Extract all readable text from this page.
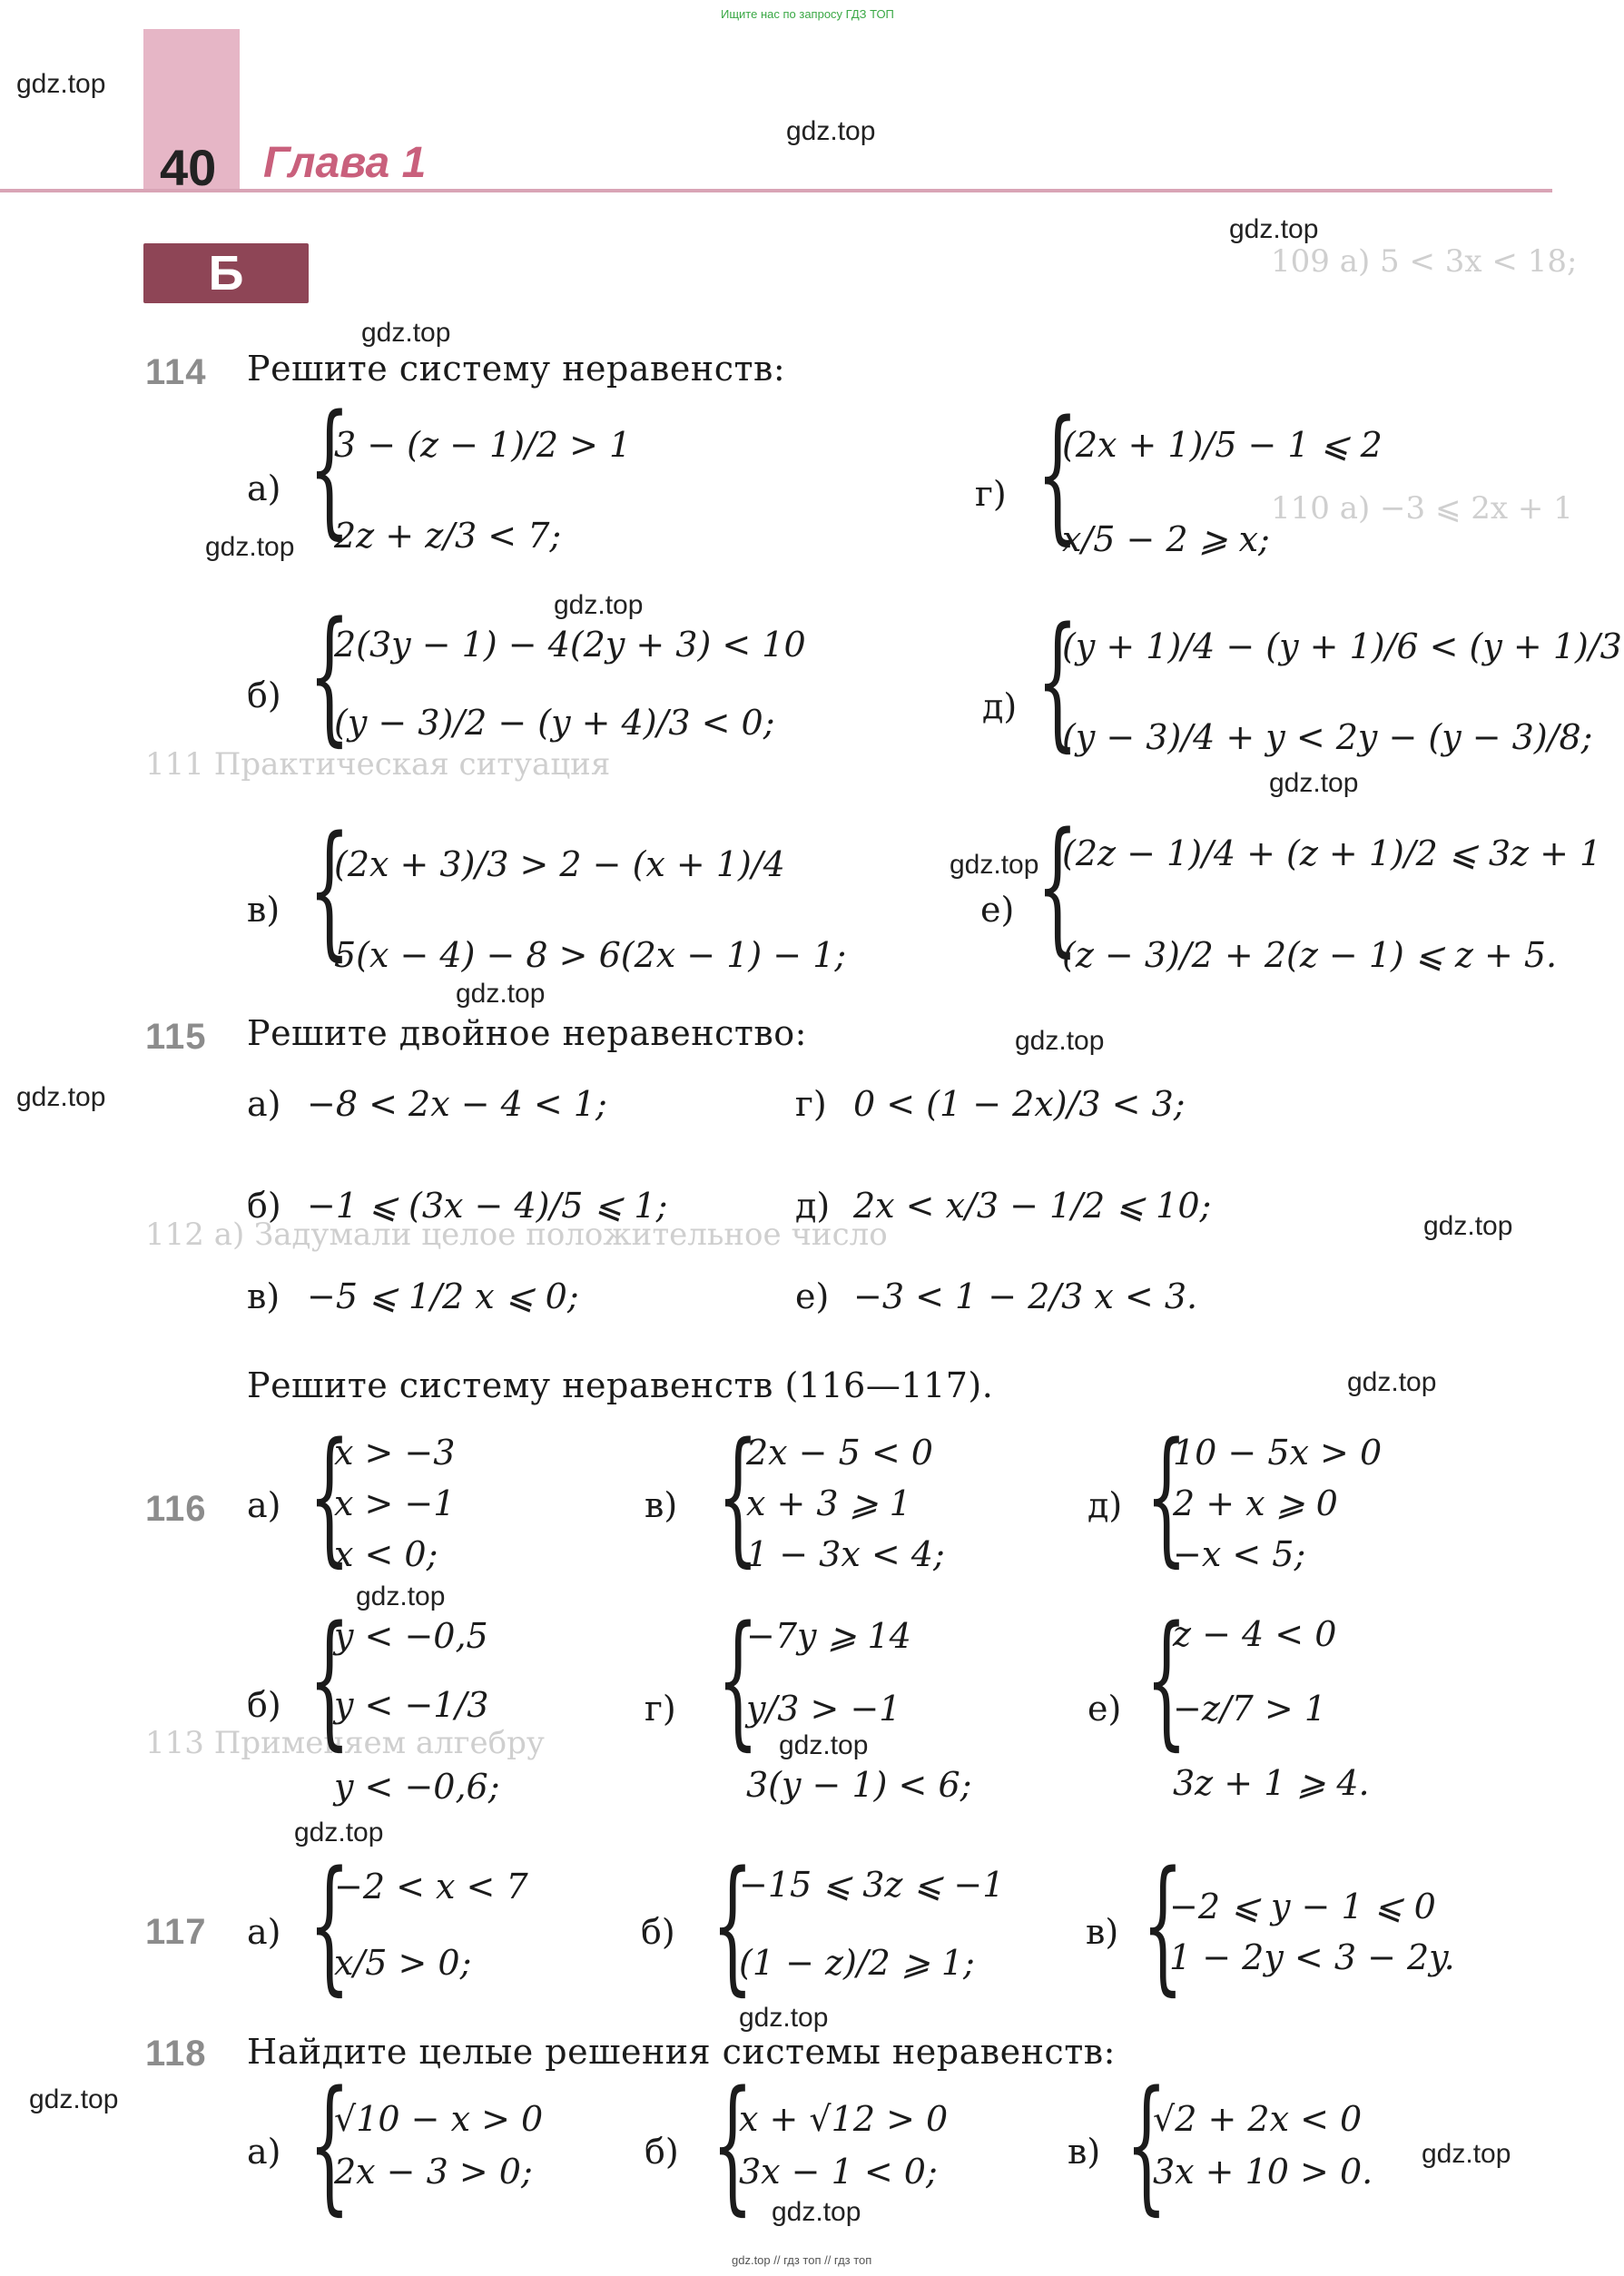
Ищите нас по запросу ГДЗ ТОП
gdz.top // гдз топ // гдз топ
109 а) 5 < 3x < 18;
110 а) −3 ⩽ 2x + 1
111 Практическая ситуация
112 а) Задумали целое положительное число
113 Применяем алгебру
40 Глава 1
Б
gdz.top
gdz.top
gdz.top
gdz.top
gdz.top
gdz.top
gdz.top
gdz.top
gdz.top
gdz.top
gdz.top
gdz.top
gdz.top
gdz.top
gdz.top
gdz.top
gdz.top
gdz.top
gdz.top
gdz.top
114 Решите систему неравенств:
а) {
3 − (z − 1)/2 > 1
2z + z/3 < 7;
б) {
2(3y − 1) − 4(2y + 3) < 10
(y − 3)/2 − (y + 4)/3 < 0;
в) {
(2x + 3)/3 > 2 − (x + 1)/4
5(x − 4) − 8 > 6(2x − 1) − 1;
г) {
(2x + 1)/5 − 1 ⩽ 2
x/5 − 2 ⩾ x;
д) {
(y + 1)/4 − (y + 1)/6 < (y + 1)/3
(y − 3)/4 + y < 2y − (y − 3)/8;
е) {
(2z − 1)/4 + (z + 1)/2 ⩽ 3z + 1
(z − 3)/2 + 2(z − 1) ⩽ z + 5.
115 Решите двойное неравенство:
а) −8 < 2x − 4 < 1;
б) −1 ⩽ (3x − 4)/5 ⩽ 1;
в) −5 ⩽ 1/2 x ⩽ 0;
г) 0 < (1 − 2x)/3 < 3;
д) 2x < x/3 − 1/2 ⩽ 10;
е) −3 < 1 − 2/3 x < 3.
Решите систему неравенств (116—117).
116 а) {
x > −3
x > −1
x < 0;
в) {
2x − 5 < 0
x + 3 ⩾ 1
1 − 3x < 4;
д) {
10 − 5x > 0
2 + x ⩾ 0
−x < 5;
б) {
y < −0,5
y < −1/3
y < −0,6;
г) {
−7y ⩾ 14
y/3 > −1
3(y − 1) < 6;
е) {
z − 4 < 0
−z/7 > 1
3z + 1 ⩾ 4.
117 а) {
−2 < x < 7
x/5 > 0;
б) {
−15 ⩽ 3z ⩽ −1
(1 − z)/2 ⩾ 1;
в) {
−2 ⩽ y − 1 ⩽ 0
1 − 2y < 3 − 2y.
118 Найдите целые решения системы неравенств:
а) {
√10 − x > 0
2x − 3 > 0;	б) {
x + √12 > 0
3x − 1 < 0;	в) {
√2 + 2x < 0
3x + 10 > 0.
